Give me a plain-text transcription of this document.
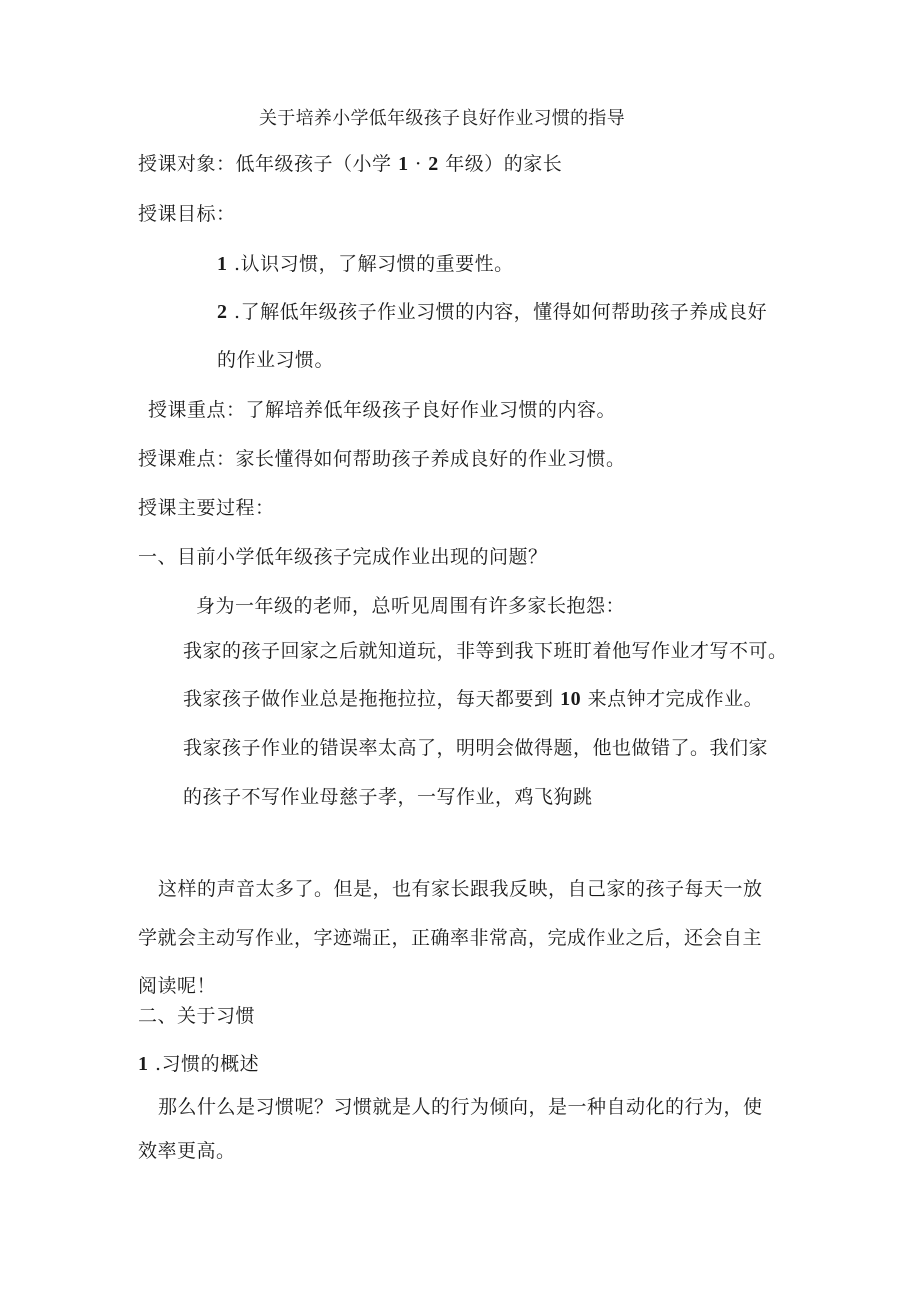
关于培养小学低年级孩子良好作业习惯的指导
授课对象：低年级孩子（小学 1 · 2 年级）的家长
授课目标：
1 .认识习惯，了解习惯的重要性。
2 .了解低年级孩子作业习惯的内容，懂得如何帮助孩子养成良好
的作业习惯。
授课重点：了解培养低年级孩子良好作业习惯的内容。
授课难点：家长懂得如何帮助孩子养成良好的作业习惯。
授课主要过程：
一、目前小学低年级孩子完成作业出现的问题？
身为一年级的老师，总听见周围有许多家长抱怨：
我家的孩子回家之后就知道玩，非等到我下班盯着他写作业才写不可。
我家孩子做作业总是拖拖拉拉，每天都要到 10 来点钟才完成作业。
我家孩子作业的错误率太高了，明明会做得题，他也做错了。我们家
的孩子不写作业母慈子孝，一写作业，鸡飞狗跳
这样的声音太多了。但是，也有家长跟我反映，自己家的孩子每天一放
学就会主动写作业，字迹端正，正确率非常高，完成作业之后，还会自主
阅读呢！
二、关于习惯
1 .习惯的概述
那么什么是习惯呢？习惯就是人的行为倾向，是一种自动化的行为，使
效率更高。
